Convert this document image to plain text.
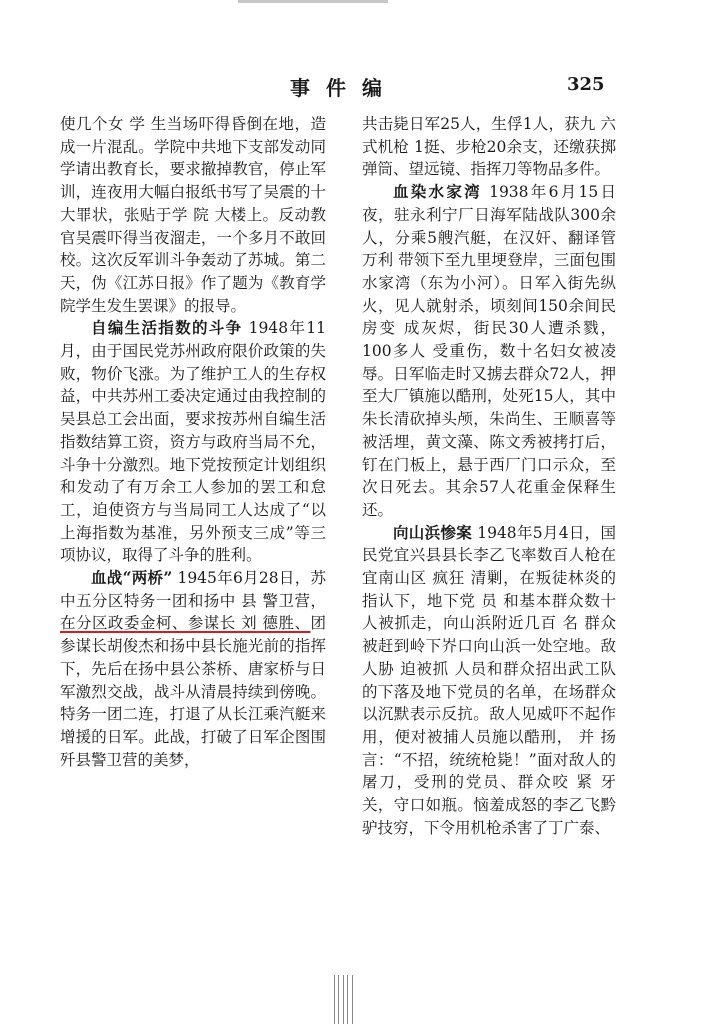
事件编	325

使几个女 学 生当场吓得昏倒在地，造成一片混乱。学院中共地下支部发动同学请出教育长，要求撤掉教官，停止军训，连夜用大幅白报纸书写了吴震的十大罪状，张贴于学 院 大楼上。反动教官吴震吓得当夜溜走，一个多月不敢回校。这次反军训斗争轰动了苏城。第二天，伪《江苏日报》作了题为《教育学院学生发生罢课》的报导。

自编生活指数的斗争 1948年11月，由于国民党苏州政府限价政策的失败，物价飞涨。为了维护工人的生存权益，中共苏州工委决定通过由我控制的吴县总工会出面，要求按苏州自编生活指数结算工资，资方与政府当局不允，斗争十分激烈。地下党按预定计划组织和发动了有万余工人参加的罢工和怠工，迫使资方与当局同工人达成了“以上海指数为基准，另外预支三成”等三项协议，取得了斗争的胜利。

血战“两桥” 1945年6月28日，苏中五分区特务一团和扬中 县 警卫营，在分区政委金柯、参谋长 刘 德胜、团参谋长胡俊杰和扬中县长施光前的指挥下，先后在扬中县公茶桥、唐家桥与日军激烈交战，战斗从清晨持续到傍晚。特务一团二连，打退了从长江乘汽艇来增援的日军。此战，打破了日军企图围歼县警卫营的美梦，

共击毙日军25人，生俘1人，获九 六式机枪 1挺、步枪20余支，还缴获掷弹筒、望远镜、指挥刀等物品多件。

血染水家湾 1938年6月15日夜，驻永利宁厂日海军陆战队300余人，分乘5艘汽艇，在汉奸、翻译管万利 带领下至九里埂登岸，三面包围水家湾（东为小河）。日军入街先纵火，见人就射杀，顷刻间150余间民房变 成灰烬，街民30人遭杀戮，100多人 受重伤，数十名妇女被凌辱。日军临走时又掳去群众72人，押至大厂镇施以酷刑，处死15人，其中朱长清砍掉头颅，朱尚生、王顺喜等被活埋，黄文藻、陈文秀被拷打后，钉在门板上，悬于西厂门口示众，至次日死去。其余57人花重金保释生还。

向山浜惨案 1948年5月4日，国民党宜兴县县长李乙飞率数百人枪在宜南山区 疯狂 清剿，在叛徒林炎的指认下，地下党 员 和基本群众数十人被抓走，向山浜附近几百 名 群众被赶到岭下岕口向山浜一处空地。敌人胁 迫被抓 人员和群众招出武工队的下落及地下党员的名单，在场群众以沉默表示反抗。敌人见威吓不起作用，便对被捕人员施以酷刑， 并 扬言：“不招，统统枪毙！”面对敌人的屠刀，受刑的党员、群众咬 紧 牙关，守口如瓶。恼羞成怒的李乙飞黔驴技穷，下令用机枪杀害了丁广泰、
